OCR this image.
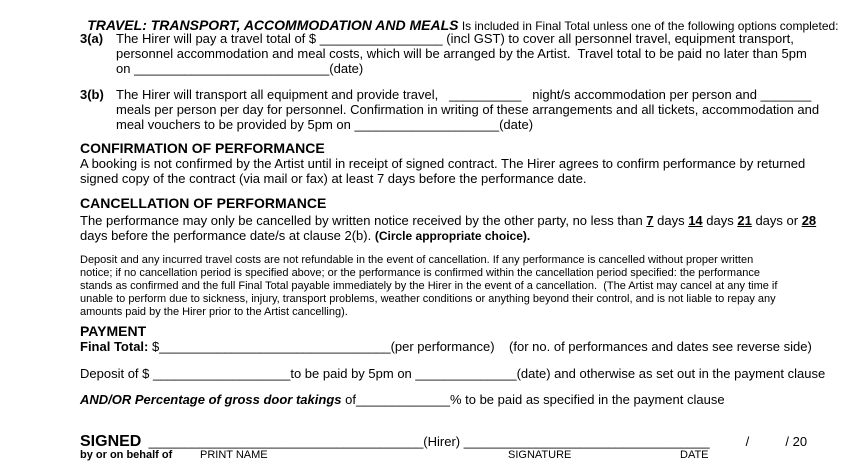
TRAVEL: TRANSPORT, ACCOMMODATION AND MEALS Is included in Final Total unless one of the following options completed:

3(a) The Hirer will pay a travel total of $ _________________ (incl GST) to cover all personnel travel, equipment transport,
personnel accommodation and meal costs, which will be arranged by the Artist.  Travel total to be paid no later than 5pm
on ___________________________(date)
3(b) The Hirer will transport all equipment and provide travel,   __________   night/s accommodation per person and _______
meals per person per day for personnel. Confirmation in writing of these arrangements and all tickets, accommodation and
meal vouchers to be provided by 5pm on ____________________(date)
CONFIRMATION OF PERFORMANCE
A booking is not confirmed by the Artist until in receipt of signed contract. The Hirer agrees to confirm performance by returned
signed copy of the contract (via mail or fax) at least 7 days before the performance date.
CANCELLATION OF PERFORMANCE
The performance may only be cancelled by written notice received by the other party, no less than 7 days 14 days 21 days or 28
days before the performance date/s at clause 2(b). (Circle appropriate choice).
Deposit and any incurred travel costs are not refundable in the event of cancellation. If any performance is cancelled without proper written
notice; if no cancellation period is specified above; or the performance is confirmed within the cancellation period specified: the performance
stands as confirmed and the full Final Total payable immediately by the Hirer in the event of a cancellation.  (The Artist may cancel at any time if
unable to perform due to sickness, injury, transport problems, weather conditions or anything beyond their control, and is not liable to repay any
amounts paid by the Hirer prior to the Artist cancelling).
PAYMENT
Final Total: $________________________________(per performance)    (for no. of performances and dates see reverse side)
Deposit of $ ___________________to be paid by 5pm on ______________(date) and otherwise as set out in the payment clause
AND/OR Percentage of gross door takings of_____________% to be paid as specified in the payment clause
SIGNED  ______________________________________(Hirer) __________________________________          /          / 20
by or on behalf of	PRINT NAME	SIGNATURE	DATE
